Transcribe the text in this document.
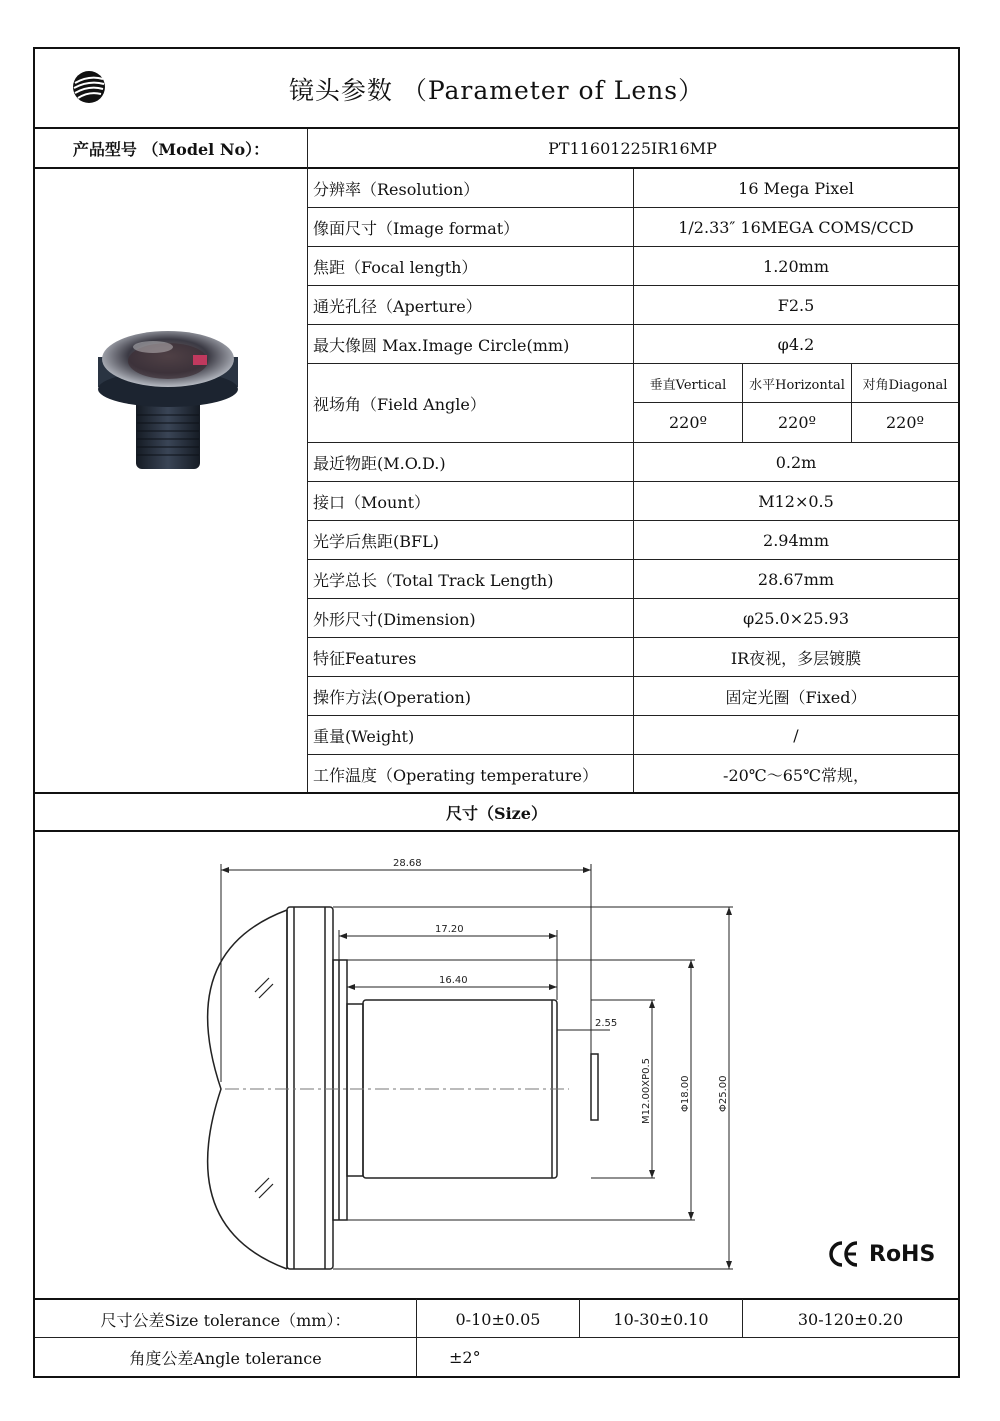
镜头参数 （Parameter of Lens）
产品型号 （Model No）：	PT11601225IR16MP
分辨率（Resolution）	16 Mega Pixel
像面尺寸（Image format）	1/2.33″ 16MEGA COMS/CCD
焦距（Focal length）	1.20mm
通光孔径（Aperture）	F2.5
最大像圆 Max.Image Circle(mm)	φ4.2
视场角（Field Angle）
垂直Vertical	水平Horizontal	对角Diagonal
220º	220º	220º
最近物距(M.O.D.)	0.2m
接口（Mount）	M12×0.5
光学后焦距(BFL)	2.94mm
光学总长（Total Track Length)	28.67mm
外形尺寸(Dimension)	φ25.0×25.93
特征Features	IR夜视，多层镀膜
操作方法(Operation)	固定光圈（Fixed）
重量(Weight)	/
工作温度（Operating temperature）	-20℃～65℃常规，
尺寸（Size）
28.68
17.20
16.40
2.55
M12.00XP0.5	Φ18.00	Φ25.00
RoHS
尺寸公差Size tolerance（mm）：	0-10±0.05	10-30±0.10	30-120±0.20
角度公差Angle tolerance	±2°
